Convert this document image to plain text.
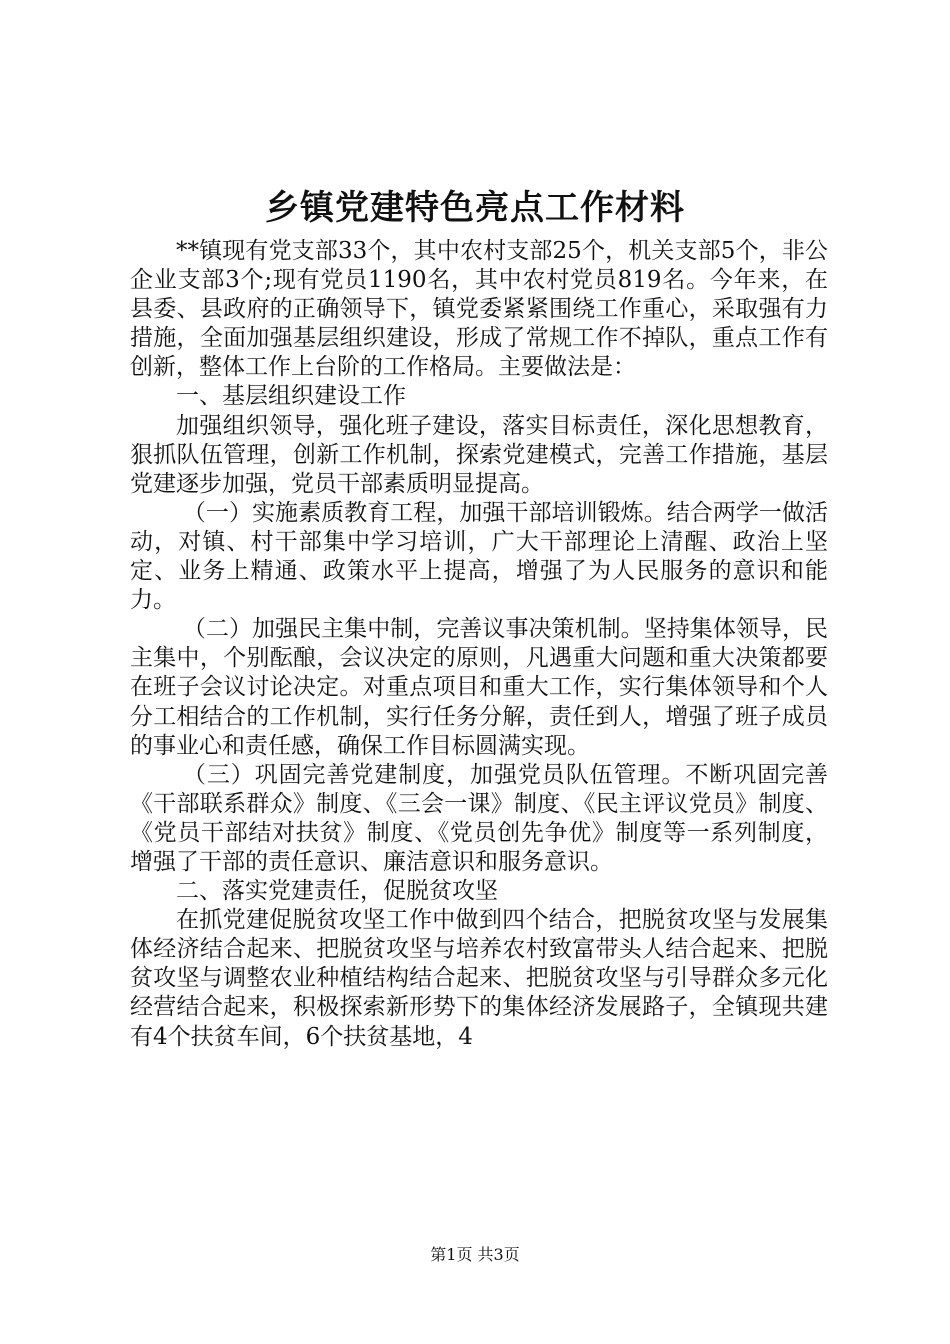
乡镇党建特色亮点工作材料

**镇现有党支部33个，其中农村支部25个，机关支部5个，非公企业支部3个;现有党员1190名，其中农村党员819名。今年来，在县委、县政府的正确领导下，镇党委紧紧围绕工作重心，采取强有力措施，全面加强基层组织建设，形成了常规工作不掉队，重点工作有创新，整体工作上台阶的工作格局。主要做法是：

一、基层组织建设工作

加强组织领导，强化班子建设，落实目标责任，深化思想教育，狠抓队伍管理，创新工作机制，探索党建模式，完善工作措施，基层党建逐步加强，党员干部素质明显提高。

（一）实施素质教育工程，加强干部培训锻炼。结合两学一做活动，对镇、村干部集中学习培训，广大干部理论上清醒、政治上坚定、业务上精通、政策水平上提高，增强了为人民服务的意识和能力。

（二）加强民主集中制，完善议事决策机制。坚持集体领导，民主集中，个别酝酿，会议决定的原则，凡遇重大问题和重大决策都要在班子会议讨论决定。对重点项目和重大工作，实行集体领导和个人分工相结合的工作机制，实行任务分解，责任到人，增强了班子成员的事业心和责任感，确保工作目标圆满实现。

（三）巩固完善党建制度，加强党员队伍管理。不断巩固完善《干部联系群众》制度、《三会一课》制度、《民主评议党员》制度、《党员干部结对扶贫》制度、《党员创先争优》制度等一系列制度，增强了干部的责任意识、廉洁意识和服务意识。

二、落实党建责任，促脱贫攻坚

在抓党建促脱贫攻坚工作中做到四个结合，把脱贫攻坚与发展集体经济结合起来、把脱贫攻坚与培养农村致富带头人结合起来、把脱贫攻坚与调整农业种植结构结合起来、把脱贫攻坚与引导群众多元化经营结合起来，积极探索新形势下的集体经济发展路子，全镇现共建有4个扶贫车间，6个扶贫基地，4

第1页 共3页
